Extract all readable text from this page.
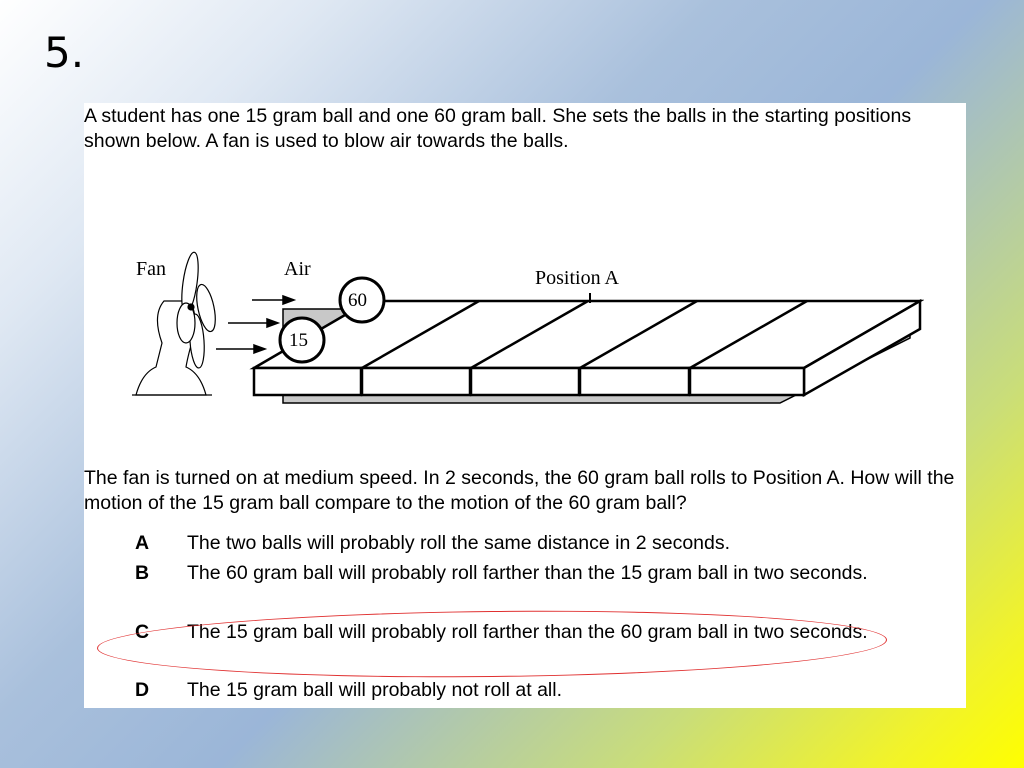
5.
A student has one 15 gram ball and one 60 gram ball. She sets the balls in the starting positions shown below. A fan is used to blow air towards the balls.
Position A
Fan	Air
60
15
The fan is turned on at medium speed. In 2 seconds, the 60 gram ball rolls to Position A. How will the motion of the 15 gram ball compare to the motion of the 60 gram ball?
A The two balls will probably roll the same distance in 2 seconds.
B The 60 gram ball will probably roll farther than the 15 gram ball in two seconds.
C The 15 gram ball will probably roll farther than the 60 gram ball in two seconds.
D The 15 gram ball will probably not roll at all.
